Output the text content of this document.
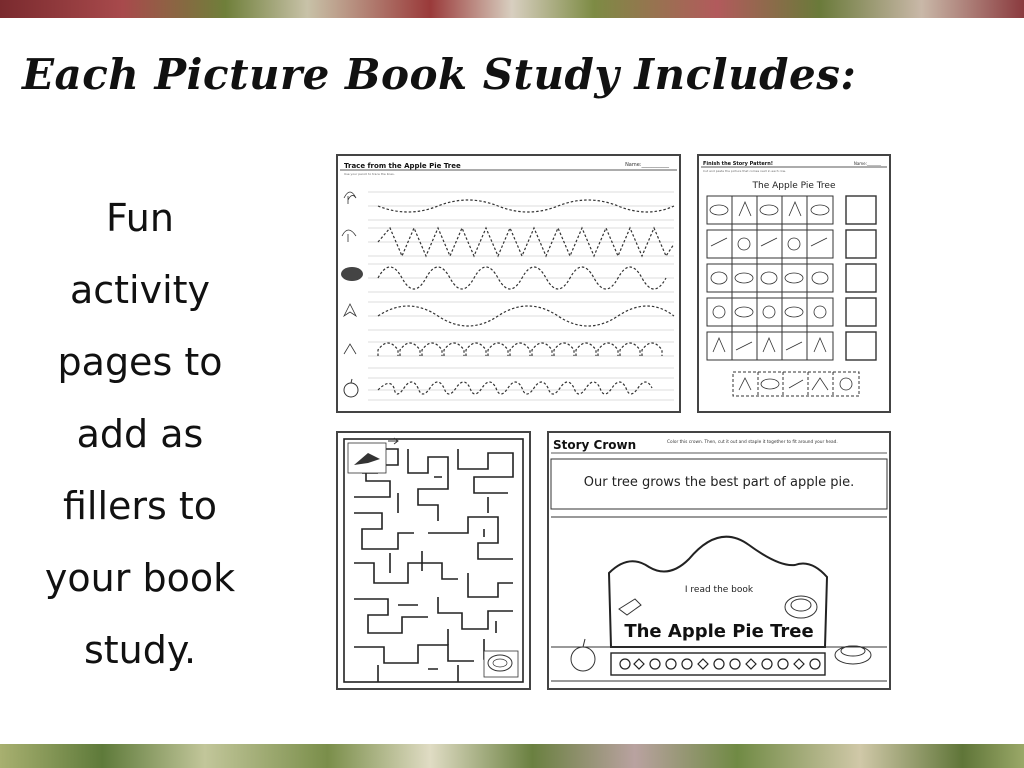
Each Picture Book Study Includes:
Fun
activity
pages to
add as
fillers to
your book
study.
Trace from the Apple Pie Tree	Name:___________
Use your pencil to trace the lines.
Finish the Story Pattern!	Name:_______
Cut and paste the picture that comes next in each row.
The Apple Pie Tree
Story Crown	Color this crown. Then, cut it out and staple it together to fit around your head.
Our tree grows the best part of apple pie.
I read the book
The Apple Pie Tree
